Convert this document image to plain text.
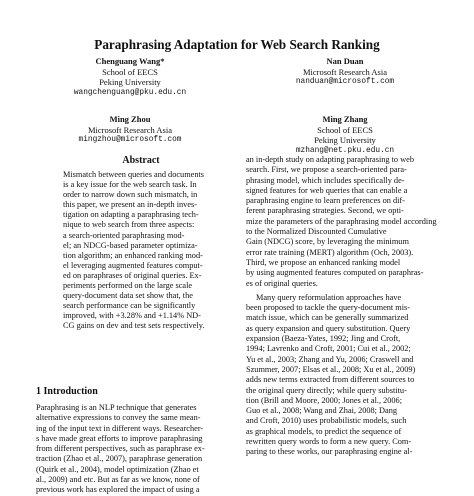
Paraphrasing Adaptation for Web Search Ranking
Chenguang Wang*
School of EECS
Peking University
wangchenguang@pku.edu.cn
Nan Duan
Microsoft Research Asia
nanduan@microsoft.com
Ming Zhou
Microsoft Research Asia
mingzhou@microsoft.com
Ming Zhang
School of EECS
Peking University
mzhang@net.pku.edu.cn
Abstract
Mismatch between queries and documents
is a key issue for the web search task. In
order to narrow down such mismatch, in
this paper, we present an in-depth inves-
tigation on adapting a paraphrasing tech-
nique to web search from three aspects:
a search-oriented paraphrasing mod-
el; an NDCG-based parameter optimiza-
tion algorithm; an enhanced ranking mod-
el leveraging augmented features comput-
ed on paraphrases of original queries. Ex-
periments performed on the large scale
query-document data set show that, the
search performance can be significantly
improved, with +3.28% and +1.14% ND-
CG gains on dev and test sets respectively.
1 Introduction
Paraphrasing is an NLP technique that generates
alternative expressions to convey the same mean-
ing of the input text in different ways. Researcher-
s have made great efforts to improve paraphrasing
from different perspectives, such as paraphrase ex-
traction (Zhao et al., 2007), paraphrase generation
(Quirk et al., 2004), model optimization (Zhao et
al., 2009) and etc. But as far as we know, none of
previous work has explored the impact of using a
an in-depth study on adapting paraphrasing to web
search. First, we propose a search-oriented para-
phrasing model, which includes specifically de-
signed features for web queries that can enable a
paraphrasing engine to learn preferences on dif-
ferent paraphrasing strategies. Second, we opti-
mize the parameters of the paraphrasing model according
to the Normalized Discounted Cumulative
Gain (NDCG) score, by leveraging the minimum
error rate training (MERT) algorithm (Och, 2003).
Third, we propose an enhanced ranking model
by using augmented features computed on paraphras-
es of original queries.
Many query reformulation approaches have
been proposed to tackle the query-document mis-
match issue, which can be generally summarized
as query expansion and query substitution. Query
expansion (Baeza-Yates, 1992; Jing and Croft,
1994; Lavrenko and Croft, 2001; Cui et al., 2002;
Yu et al., 2003; Zhang and Yu, 2006; Craswell and
Szummer, 2007; Elsas et al., 2008; Xu et al., 2009)
adds new terms extracted from different sources to
the original query directly; while query substitu-
tion (Brill and Moore, 2000; Jones et al., 2006;
Guo et al., 2008; Wang and Zhai, 2008; Dang
and Croft, 2010) uses probabilistic models, such
as graphical models, to predict the sequence of
rewritten query words to form a new query. Com-
paring to these works, our paraphrasing engine al-
